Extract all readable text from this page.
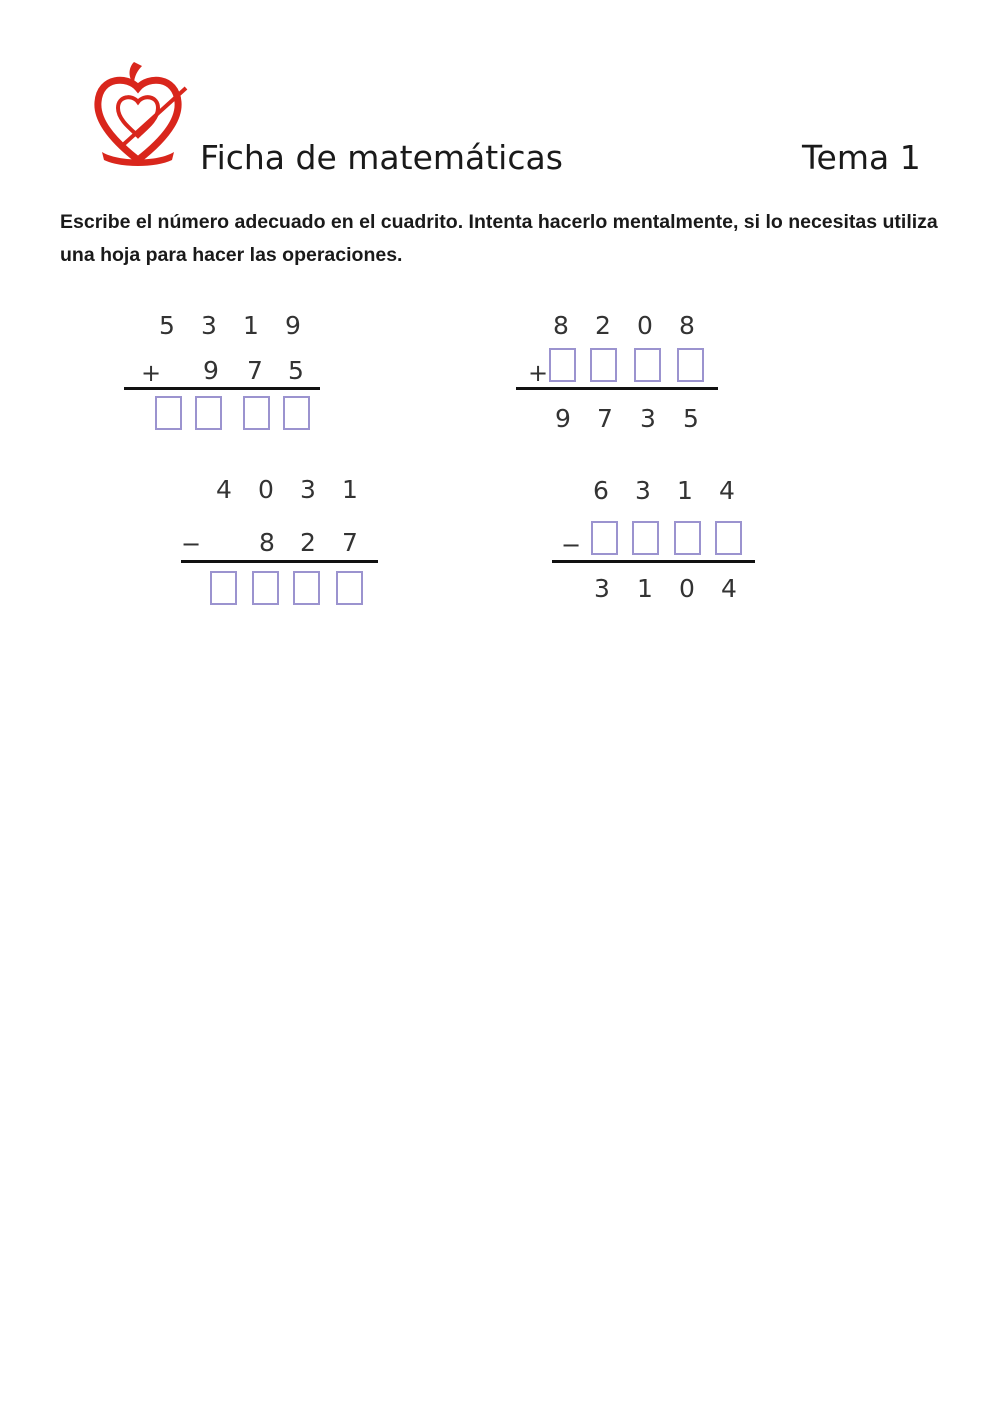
Ficha de matemáticas	Tema 1
Escribe el número adecuado en el cuadrito. Intenta hacerlo mentalmente, si lo necesitas utiliza una hoja para hacer las operaciones.
5 3 1 9
+ 9 7 5
8 2 0 8
+
9 7 3 5
4 0 3 1
− 8 2 7
6 3 1 4
−
3 1 0 4
